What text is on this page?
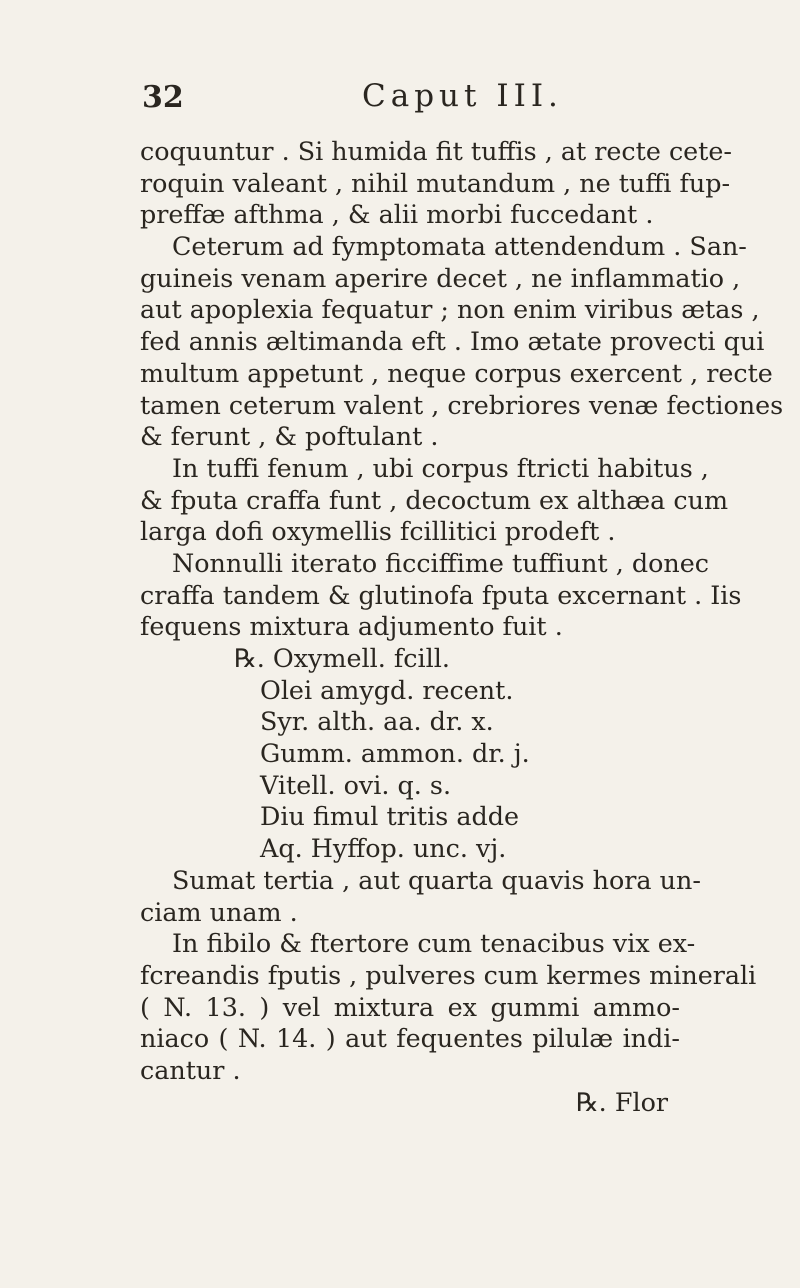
32	Caput III.
coquuntur . Si humida fit tuffis , at recte cete-
roquin valeant , nihil mutandum , ne tuffi fup-
preffæ afthma , & alii morbi fuccedant .
Ceterum ad fymptomata attendendum . San-
guineis venam aperire decet , ne inflammatio ,
aut apoplexia fequatur ; non enim viribus ætas ,
fed annis æltimanda eft . Imo ætate provecti qui
multum appetunt , neque corpus exercent , recte
tamen ceterum valent , crebriores venæ fectiones
& ferunt , & poftulant .
In tuffi fenum , ubi corpus ftricti habitus ,
& fputa craffa funt , decoctum ex althæa cum
larga dofi oxymellis fcillitici prodeft .
Nonnulli iterato ficciffime tuffiunt , donec
craffa tandem & glutinofa fputa excernant . Iis
fequens mixtura adjumento fuit .
℞. Oxymell. fcill.
Olei amygd. recent.
Syr. alth. aa. dr. x.
Gumm. ammon. dr. j.
Vitell. ovi. q. s.
Diu fimul tritis adde
Aq. Hyffop. unc. vj.
Sumat tertia , aut quarta quavis hora un-
ciam unam .
In fibilo & ftertore cum tenacibus vix ex-
fcreandis fputis , pulveres cum kermes minerali
( N. 13. ) vel mixtura ex gummi ammo-
niaco ( N. 14. ) aut fequentes pilulæ indi-
cantur .
℞. Flor
